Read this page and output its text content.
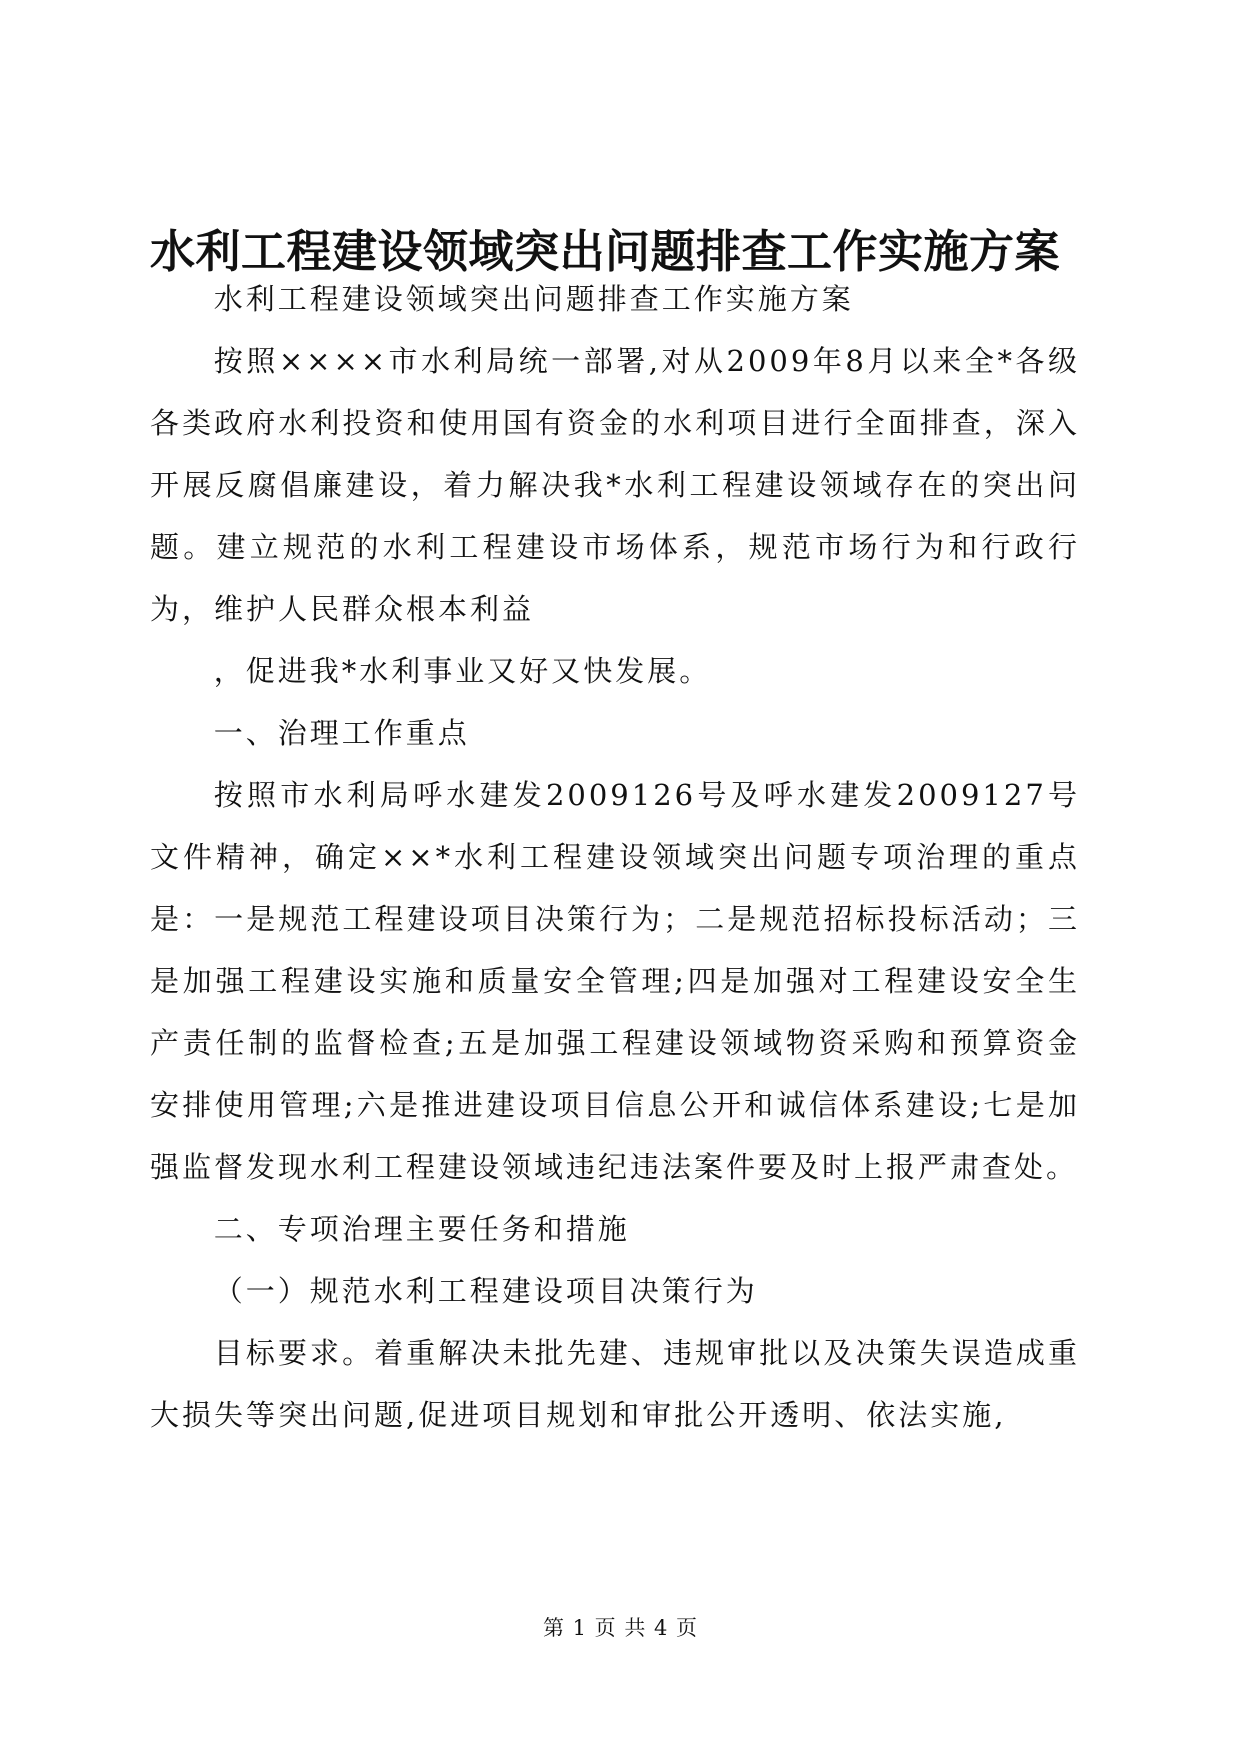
水利工程建设领域突出问题排查工作实施方案

水利工程建设领域突出问题排查工作实施方案

按照××××市水利局统一部署,对从2009年8月以来全*各级各类政府水利投资和使用国有资金的水利项目进行全面排查，深入开展反腐倡廉建设，着力解决我*水利工程建设领域存在的突出问题。建立规范的水利工程建设市场体系，规范市场行为和行政行为，维护人民群众根本利益

，促进我*水利事业又好又快发展。

一、治理工作重点

按照市水利局呼水建发2009126号及呼水建发2009127号文件精神，确定××*水利工程建设领域突出问题专项治理的重点是：一是规范工程建设项目决策行为；二是规范招标投标活动；三是加强工程建设实施和质量安全管理;四是加强对工程建设安全生产责任制的监督检查;五是加强工程建设领域物资采购和预算资金安排使用管理;六是推进建设项目信息公开和诚信体系建设;七是加强监督发现水利工程建设领域违纪违法案件要及时上报严肃查处。

二、专项治理主要任务和措施

（一）规范水利工程建设项目决策行为

目标要求。着重解决未批先建、违规审批以及决策失误造成重大损失等突出问题,促进项目规划和审批公开透明、依法实施,

第 1 页 共 4 页
